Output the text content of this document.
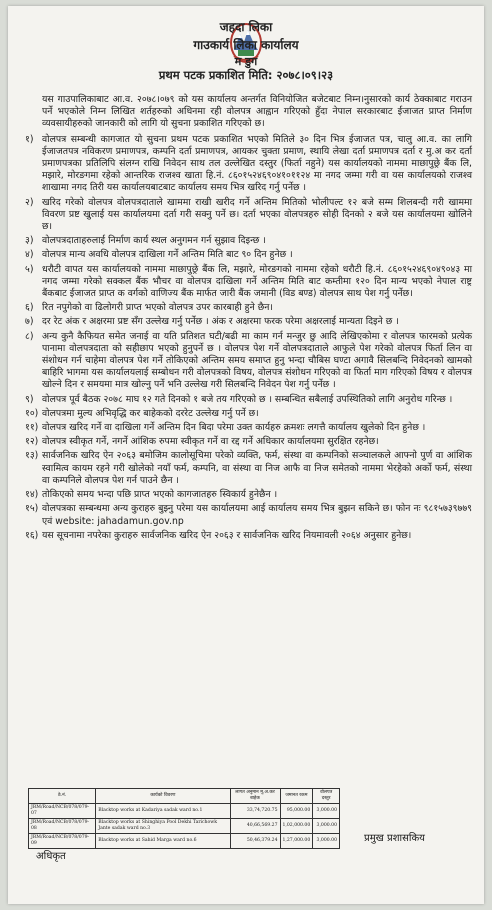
जहदा लिका
गाउकार्य लिका कार्यालय
म डुग
प्रथम पटक प्रकाशित मिति: २०७८।०९।२३

यस गाउपालिकाबाट आ.व. २०७८।०७९ को यस कार्यालय अन्तर्गत विनियोजित बजेटबाट निम्न।नुसारको कार्य ठेक्काबाट गराउन पर्ने भएकोले निम्न लिखित शर्तहरुको अधिनमा रही वोलपत्र आह्वान गरिएको हुँदा नेपाल सरकारबाट ईजाजत प्राप्त निर्माण व्यवसायीहरुको जानकारी को लागि यो सुचना प्रकाशित गरिएको छ।

१) वोलपत्र सम्बन्धी कागजात यो सुचना प्रथम पटक प्रकाशित भएको मितिले ३० दिन भित्र ईजाजत पत्र, चालु आ.व. का लागि ईजाजतपत्र नविकरण प्रमाणपत्र, कम्पनि दर्ता प्रमाणपत्र, आयकर चुक्ता प्रमाण, स्थायि लेखा दर्ता प्रमाणपत्र दर्ता र मु.अ कर दर्ता प्रमाणपत्रका प्रतिलिपि संलग्न राखि निवेदन साथ तल उल्लेखित दस्तुर (फिर्ता नहुने) यस कार्यालयको नाममा माछापुछ्रे बैंक लि, मझारे, मोरङगमा रहेको आन्तरिक राजश्व खाता हि.नं. ८६०१५२४६९०४१०११२४ मा नगद जम्मा गरी वा यस कार्यालयको राजश्व शाखामा नगद तिरी यस कार्यालयबाटबाट कार्यालय समय भित्र खरिद गर्नु पर्नेछ ।
२) खरिद गरेको वोलपत्र वोलपत्रदाताले खाममा राखी खरीद गर्ने अन्तिम मितिको भोलीपल्ट १२ बजे सम्म शिलबन्दी गरी खाममा विवरण प्रष्ट खुलाई यस कार्यालयमा दर्ता गरी सक्नु पर्ने छ। दर्ता भएका वोलपत्रहरु सोही दिनको २ बजे यस कार्यालयमा खोलिने छ।
३) वोलपत्रदाताहरुलाई निर्माण कार्य स्थल अनुगमन गर्न सुझाव दिइन्छ ।
४) वोलपत्र मान्य अवधि वोलपत्र दाखिला गर्ने अन्तिम मिति बाट ९० दिन हुनेछ ।
५) धरौटी वापत यस कार्यालयको नाममा माछापुछ्रे बैंक लि, मझारे, मोरङगको नाममा रहेको धरौटी हि.नं. ८६०१५२४६९०४९०४३ मा नगद जम्मा गरेको सक्कल बैंक भौचर वा वोलपत्र दाखिला गर्ने अन्तिम मिति बाट कम्तीमा १२० दिन मान्य भएको नेपाल राष्ट्र बैंकबाट ईजाजत प्राप्त क वर्गको वाणिज्य बैंक मार्फत जारी बैंक जमानी (विड बण्ड) वोलपत्र साथ पेश गर्नु पर्नेछ।
६) रित नपुगेको वा ढिलोगरी प्राप्त भएको वोलपत्र उपर कारबाही हुने छैन।
७) दर रेट अंक र अक्षरमा प्रष्ट सँग उल्लेख गर्नु पर्नेछ । अंक र अक्षरमा फरक परेमा अक्षरलाई मान्यता दिइने छ ।
८) अन्य कुनै कैफियत समेत जनाई वा यति प्रतिशत घटी/बढी मा काम गर्न मन्जुर छु आदि लेखिएकोमा र वोलपत्र फारमको प्रत्येक पानामा वोलपत्रदाता को सहीछाप भएको हुनुपर्ने छ । वोलपत्र पेश गर्ने वोलपत्रदाताले आफुले पेश गरेको वोलपत्र फिर्ता लिन वा संशोधन गर्न चाहेमा वोलपत्र पेश गर्ने तोकिएको अन्तिम समय समाप्त हुनु भन्दा चौबिस घण्टा अगावै सिलबन्दि निवेदनको खामको बाहिरि भागमा यस कार्यालयलाई सम्बोधन गरी वोलपत्रको विषय, वोलपत्र संशोधन गरिएको वा फिर्ता माग गरिएको विषय र वोलपत्र खोल्ने दिन र समयमा मात्र खोल्नु पर्ने भनि उल्लेख गरी सिलबन्दि निवेदन पेश गर्नु पर्नेछ ।
९) वोलपत्र पूर्व बैठक २०७८ माघ १२ गते दिनको १ बजे तय गरिएको छ । सम्बन्धित सबैलाई उपस्थितिको लागि अनुरोध गरिन्छ ।
१०) वोलपत्रमा मुल्य अभिवृद्धि कर बाहेकको दररेट उल्लेख गर्नु पर्ने छ।
११) वोलपत्र खरिद गर्ने वा दाखिला गर्ने अन्तिम दिन बिदा परेमा उक्त कार्यहरु क्रमशः लगत्तै कार्यालय खुलेको दिन हुनेछ ।
१२) वोलपत्र स्वीकृत गर्ने, नगर्ने आंशिक रुपमा स्वीकृत गर्ने वा रद्द गर्ने अधिकार कार्यालयमा सुरक्षित रहनेछ।
१३) सार्वजनिक खरिद ऐन २०६३ बमोजिम कालोसूचिमा परेको व्यक्ति, फर्म, संस्था वा कम्पनिको सञ्चालकले आफ्नो पुर्ण वा आंशिक स्वामित्व कायम रहने गरी खोलेको नयाँ फर्म, कम्पनि, वा संस्था वा निज आफै वा निज समेतको नाममा भेरहेको अर्को फर्म, संस्था वा कम्पनिले वोलपत्र पेश गर्न पाउने छैन ।
१४) तोकिएको समय भन्दा पछि प्राप्त भएको कागजातहरु स्विकार्य हुनेछैन ।
१५) वोलपत्रका सम्बन्धमा अन्य कुराहरु बुझ्नु परेमा यस कार्यालयमा आई कार्यालय समय भित्र बुझन सकिने छ। फोन नः ९८१५७३९७७९ एवं website: jahadamun.gov.np
१६) यस सूचनामा नपरेका कुराहरु सार्वजनिक खरिद ऐन २०६३ र सार्वजनिक खरिद नियमावली २०६४ अनुसार हुनेछ।
ठे.नं.	कार्यको विवरण	लागत अनुमान मू.अ.कर बाहेक	जमानत रकम	वोलपत्र दस्तुर
JRM/Road/NCB/078/079-07	Blacktop works at Kadariya sadak ward no.1	33,74,720.75	95,000.00	3,000.00
JRM/Road/NCB/078/079-08	Blacktop works at Shinghiya Pool Dekhi Tarichowk Jante sadak ward no.3	40,66,569.27	1,02,000.00	3,000.00
JRM/Road/NCB/078/079-09	Blacktop works at Sahid Marga ward no.6	50,46,379.24	1,27,000.00	3,000.00	प्रमुख प्रशासकिय
अधिकृत
